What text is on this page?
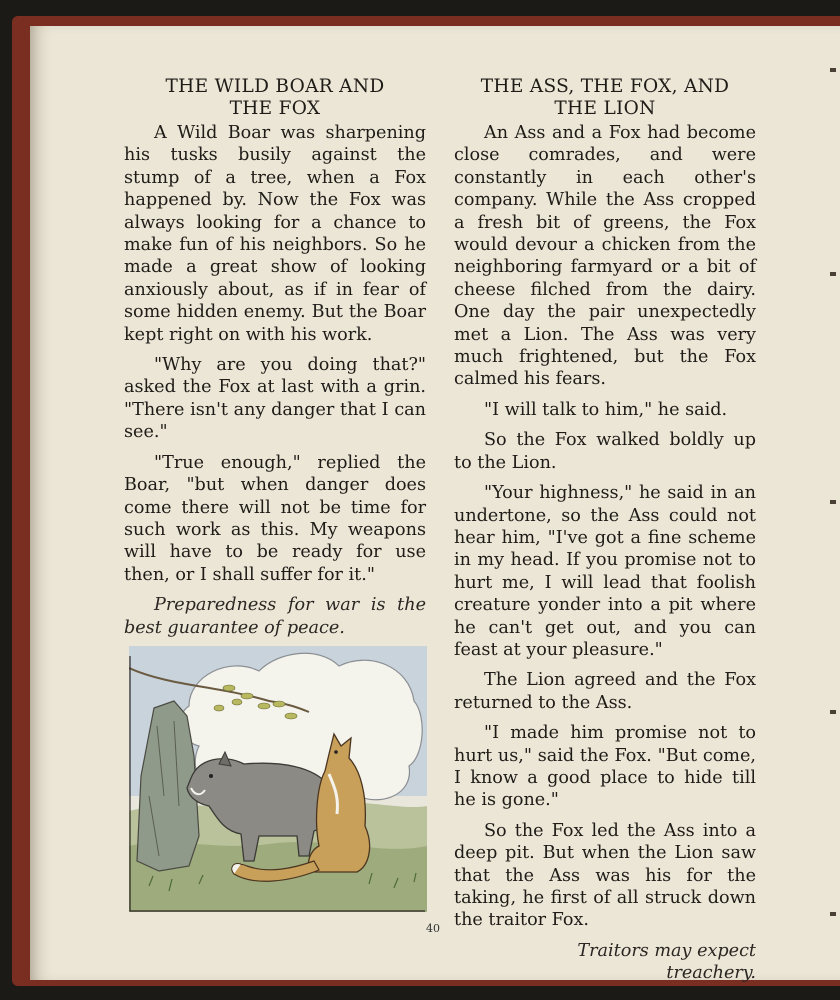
THE WILD BOAR AND
THE FOX

A Wild Boar was sharpening his tusks busily against the stump of a tree, when a Fox happened by. Now the Fox was always looking for a chance to make fun of his neighbors. So he made a great show of looking anxiously about, as if in fear of some hidden enemy. But the Boar kept right on with his work.

"Why are you doing that?" asked the Fox at last with a grin. "There isn't any danger that I can see."

"True enough," replied the Boar, "but when danger does come there will not be time for such work as this. My weapons will have to be ready for use then, or I shall suffer for it."

Preparedness for war is the best guarantee of peace.

THE ASS, THE FOX, AND
THE LION

An Ass and a Fox had become close comrades, and were constantly in each other's company. While the Ass cropped a fresh bit of greens, the Fox would devour a chicken from the neighboring farmyard or a bit of cheese filched from the dairy. One day the pair unexpectedly met a Lion. The Ass was very much frightened, but the Fox calmed his fears.

"I will talk to him," he said.

So the Fox walked boldly up to the Lion.

"Your highness," he said in an undertone, so the Ass could not hear him, "I've got a fine scheme in my head. If you promise not to hurt me, I will lead that foolish creature yonder into a pit where he can't get out, and you can feast at your pleasure."

The Lion agreed and the Fox returned to the Ass.

"I made him promise not to hurt us," said the Fox. "But come, I know a good place to hide till he is gone."

So the Fox led the Ass into a deep pit. But when the Lion saw that the Ass was his for the taking, he first of all struck down the traitor Fox.

Traitors may expect treachery.

40
